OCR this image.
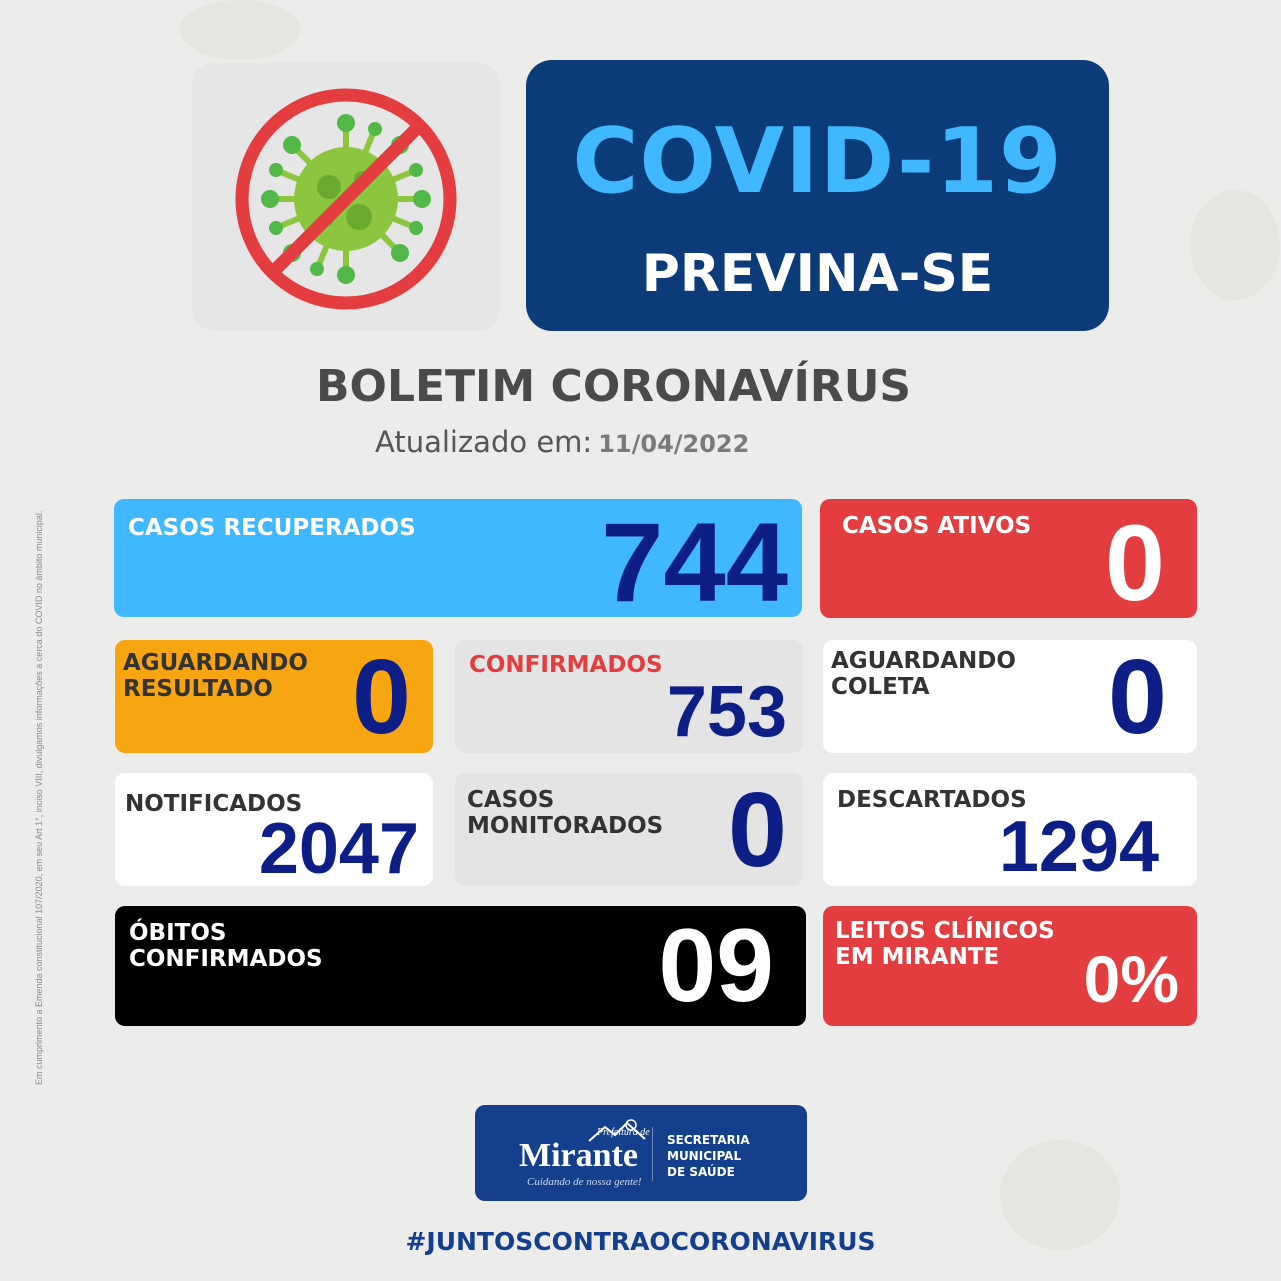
Em cumprimento a Emenda constitucional 107/2020, em seu Art 1°, inciso VIII, divulgamos informações a cerca do COVID no âmbito municipal.
COVID-19
PREVINA-SE
BOLETIM CORONAVÍRUS
Atualizado em: 11/04/2022
CASOS RECUPERADOS 744 CASOS ATIVOS 0
AGUARDANDO
RESULTADO 0	CONFIRMADOS
753
AGUARDANDO
COLETA	0
NOTIFICADOS
2047
CASOS
MONITORADOS 0 DESCARTADOS
1294
ÓBITOS
CONFIRMADOS	09	LEITOS CLÍNICOS
EM MIRANTE	0%
Prefeitura de
Mirante
Cuidando de nossa gente!
SECRETARIA
MUNICIPAL
DE SAÚDE
#JUNTOSCONTRAOCORONAVIRUS
